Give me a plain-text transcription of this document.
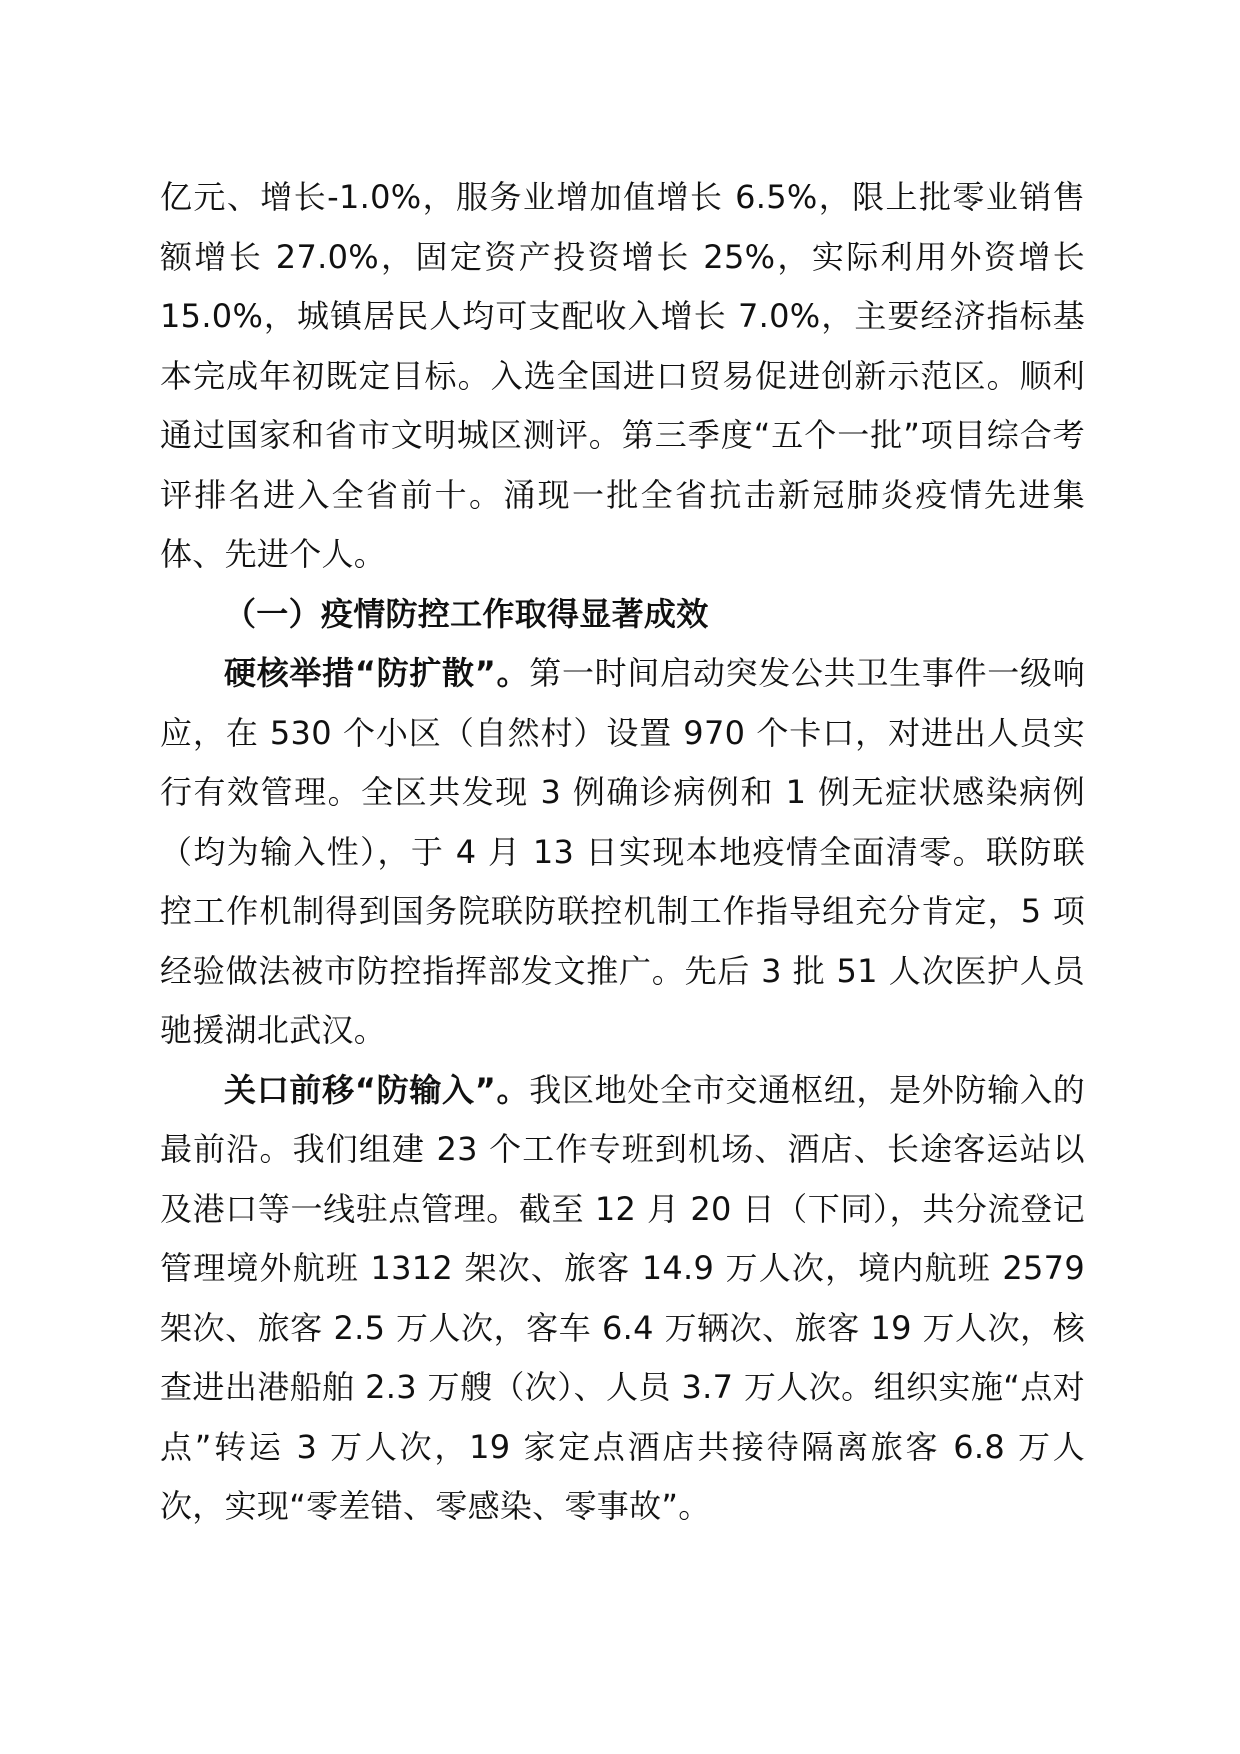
亿元、增长-1.0%，服务业增加值增长 6.5%，限上批零业销售额增长 27.0%，固定资产投资增长 25%，实际利用外资增长 15.0%，城镇居民人均可支配收入增长 7.0%，主要经济指标基本完成年初既定目标。入选全国进口贸易促进创新示范区。顺利通过国家和省市文明城区测评。第三季度“五个一批”项目综合考评排名进入全省前十。涌现一批全省抗击新冠肺炎疫情先进集体、先进个人。

（一）疫情防控工作取得显著成效

硬核举措“防扩散”。第一时间启动突发公共卫生事件一级响应，在 530 个小区（自然村）设置 970 个卡口，对进出人员实行有效管理。全区共发现 3 例确诊病例和 1 例无症状感染病例（均为输入性），于 4 月 13 日实现本地疫情全面清零。联防联控工作机制得到国务院联防联控机制工作指导组充分肯定，5 项经验做法被市防控指挥部发文推广。先后 3 批 51 人次医护人员驰援湖北武汉。

关口前移“防输入”。我区地处全市交通枢纽，是外防输入的最前沿。我们组建 23 个工作专班到机场、酒店、长途客运站以及港口等一线驻点管理。截至 12 月 20 日（下同），共分流登记管理境外航班 1312 架次、旅客 14.9 万人次，境内航班 2579 架次、旅客 2.5 万人次，客车 6.4 万辆次、旅客 19 万人次，核查进出港船舶 2.3 万艘（次）、人员 3.7 万人次。组织实施“点对点”转运 3 万人次，19 家定点酒店共接待隔离旅客 6.8 万人次，实现“零差错、零感染、零事故”。
